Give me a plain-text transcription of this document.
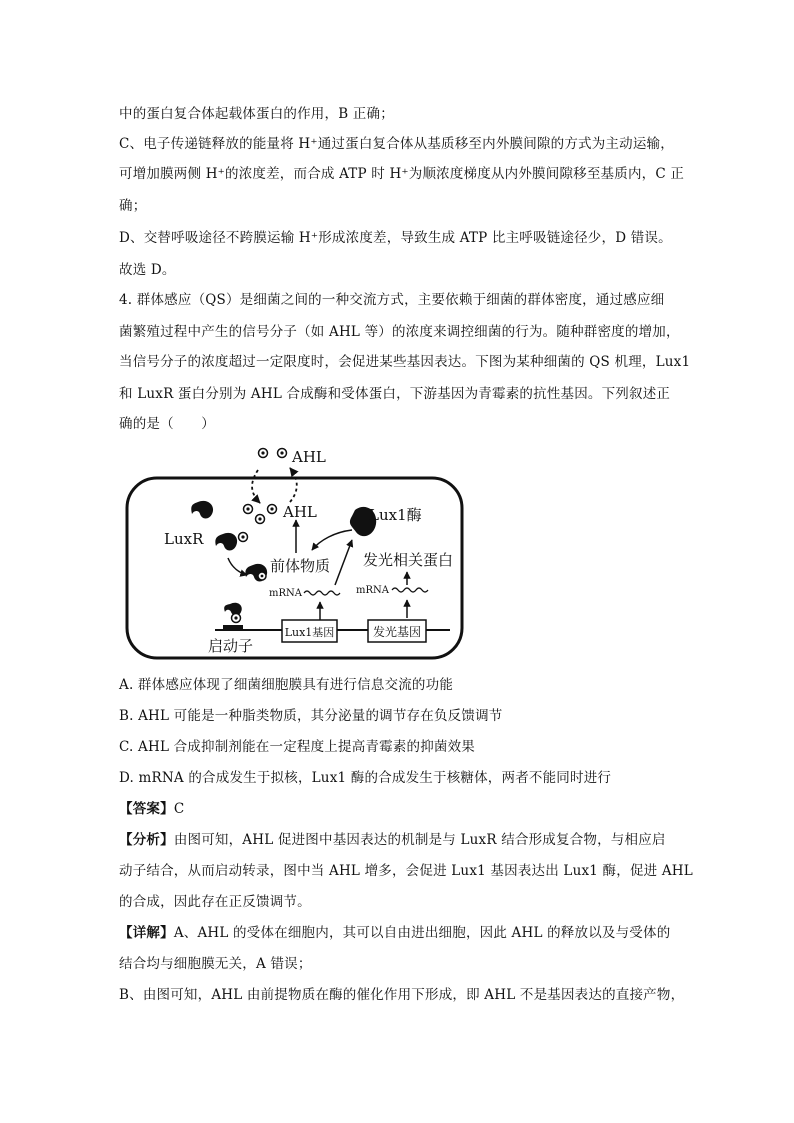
中的蛋白复合体起载体蛋白的作用，B 正确；
C、电子传递链释放的能量将 H⁺通过蛋白复合体从基质移至内外膜间隙的方式为主动运输，
可增加膜两侧 H⁺的浓度差，而合成 ATP 时 H⁺为顺浓度梯度从内外膜间隙移至基质内，C 正
确；
D、交替呼吸途径不跨膜运输 H⁺形成浓度差，导致生成 ATP 比主呼吸链途径少，D 错误。
故选 D。
4. 群体感应（QS）是细菌之间的一种交流方式，主要依赖于细菌的群体密度，通过感应细
菌繁殖过程中产生的信号分子（如 AHL 等）的浓度来调控细菌的行为。随种群密度的增加，
当信号分子的浓度超过一定限度时，会促进某些基因表达。下图为某种细菌的 QS 机理，Lux1
和 LuxR 蛋白分别为 AHL 合成酶和受体蛋白，下游基因为青霉素的抗性基因。下列叙述正
确的是（　　）
AHL
AHL
LuxR
前体物质
Lux1酶
mRNA
发光相关蛋白
mRNA
Lux1基因	发光基因
启动子
A. 群体感应体现了细菌细胞膜具有进行信息交流的功能
B. AHL 可能是一种脂类物质，其分泌量的调节存在负反馈调节
C. AHL 合成抑制剂能在一定程度上提高青霉素的抑菌效果
D. mRNA 的合成发生于拟核，Lux1 酶的合成发生于核糖体，两者不能同时进行
【答案】C
【分析】由图可知，AHL 促进图中基因表达的机制是与 LuxR 结合形成复合物，与相应启
动子结合，从而启动转录，图中当 AHL 增多，会促进 Lux1 基因表达出 Lux1 酶，促进 AHL
的合成，因此存在正反馈调节。
【详解】A、AHL 的受体在细胞内，其可以自由进出细胞，因此 AHL 的释放以及与受体的
结合均与细胞膜无关，A 错误；
B、由图可知，AHL 由前提物质在酶的催化作用下形成，即 AHL 不是基因表达的直接产物，
